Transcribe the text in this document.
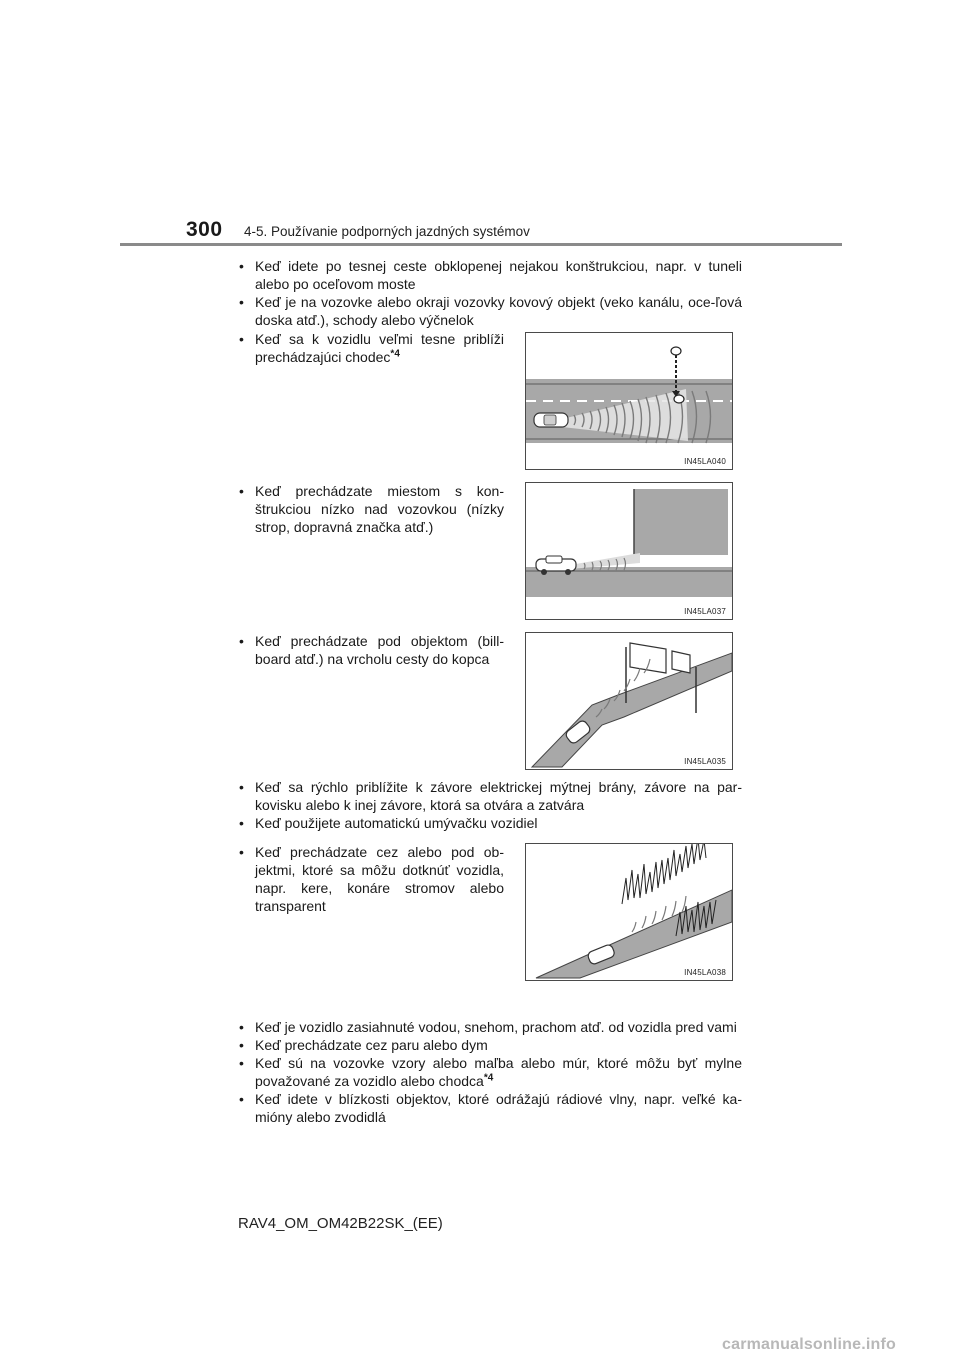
300 4-5. Používanie podporných jazdných systémov
• Keď idete po tesnej ceste obklopenej nejakou konštrukciou, napr. v tuneli alebo po oceľovom moste
• Keď je na vozovke alebo okraji vozovky kovový objekt (veko kanálu, oce-ľová doska atď.), schody alebo výčnelok
• Keď sa k vozidlu veľmi tesne priblíži prechádzajúci chodec$^{*4}$
IN45LA040
• Keď prechádzate miestom s kon-štrukciou nízko nad vozovkou (nízky strop, dopravná značka atď.)
IN45LA037
• Keď prechádzate pod objektom (bill-board atď.) na vrcholu cesty do kopca
IN45LA035
• Keď sa rýchlo priblížite k závore elektrickej mýtnej brány, závore na par-kovisku alebo k inej závore, ktorá sa otvára a zatvára
• Keď použijete automatickú umývačku vozidiel
• Keď prechádzate cez alebo pod ob-jektmi, ktoré sa môžu dotknúť vozidla, napr. kere, konáre stromov alebo transparent
IN45LA038
• Keď je vozidlo zasiahnuté vodou, snehom, prachom atď. od vozidla pred vami
• Keď prechádzate cez paru alebo dym
• Keď sú na vozovke vzory alebo maľba alebo múr, ktoré môžu byť mylne považované za vozidlo alebo chodca$^{*4}$
• Keď idete v blízkosti objektov, ktoré odrážajú rádiové vlny, napr. veľké ka-mióny alebo zvodidlá
RAV4_OM_OM42B22SK_(EE)
carmanualsonline.info
